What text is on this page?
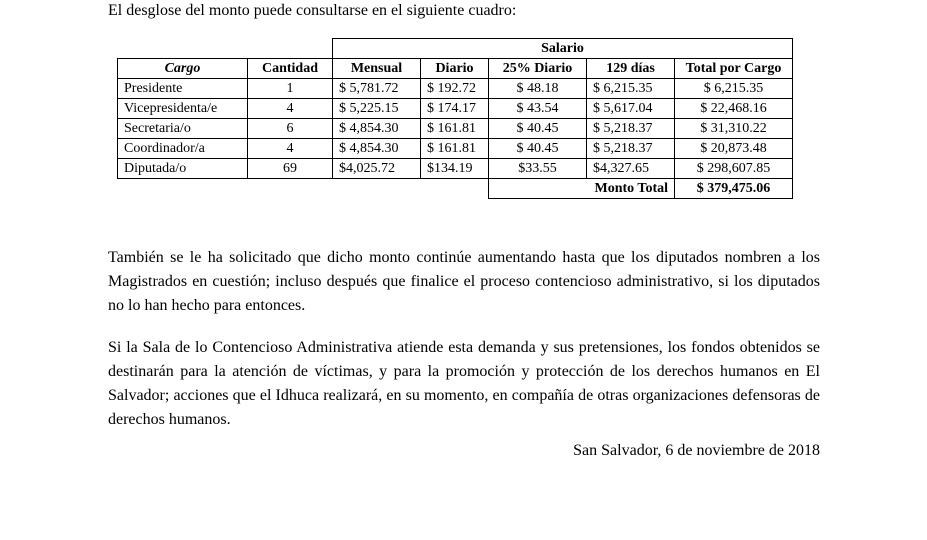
El desglose del monto puede consultarse en el siguiente cuadro:

		Salario				
Cargo	Cantidad	Mensual	Diario	25% Diario	129 días	Total por Cargo
Presidente	1	$ 5,781.72	$ 192.72	$ 48.18	$ 6,215.35	$ 6,215.35
Vicepresidenta/e	4	$ 5,225.15	$ 174.17	$ 43.54	$ 5,617.04	$ 22,468.16
Secretaria/o	6	$ 4,854.30	$ 161.81	$ 40.45	$ 5,218.37	$ 31,310.22
Coordinador/a	4	$ 4,854.30	$ 161.81	$ 40.45	$ 5,218.37	$ 20,873.48
Diputada/o	69	$4,025.72	$134.19	$33.55	$4,327.65	$ 298,607.85
				Monto Total		$ 379,475.06

También se le ha solicitado que dicho monto continúe aumentando hasta que los diputados nombren a los Magistrados en cuestión; incluso después que finalice el proceso contencioso administrativo, si los diputados no lo han hecho para entonces.

Si la Sala de lo Contencioso Administrativa atiende esta demanda y sus pretensiones, los fondos obtenidos se destinarán para la atención de víctimas, y para la promoción y protección de los derechos humanos en El Salvador; acciones que el Idhuca realizará, en su momento, en compañía de otras organizaciones defensoras de derechos humanos.

San Salvador, 6 de noviembre de 2018
